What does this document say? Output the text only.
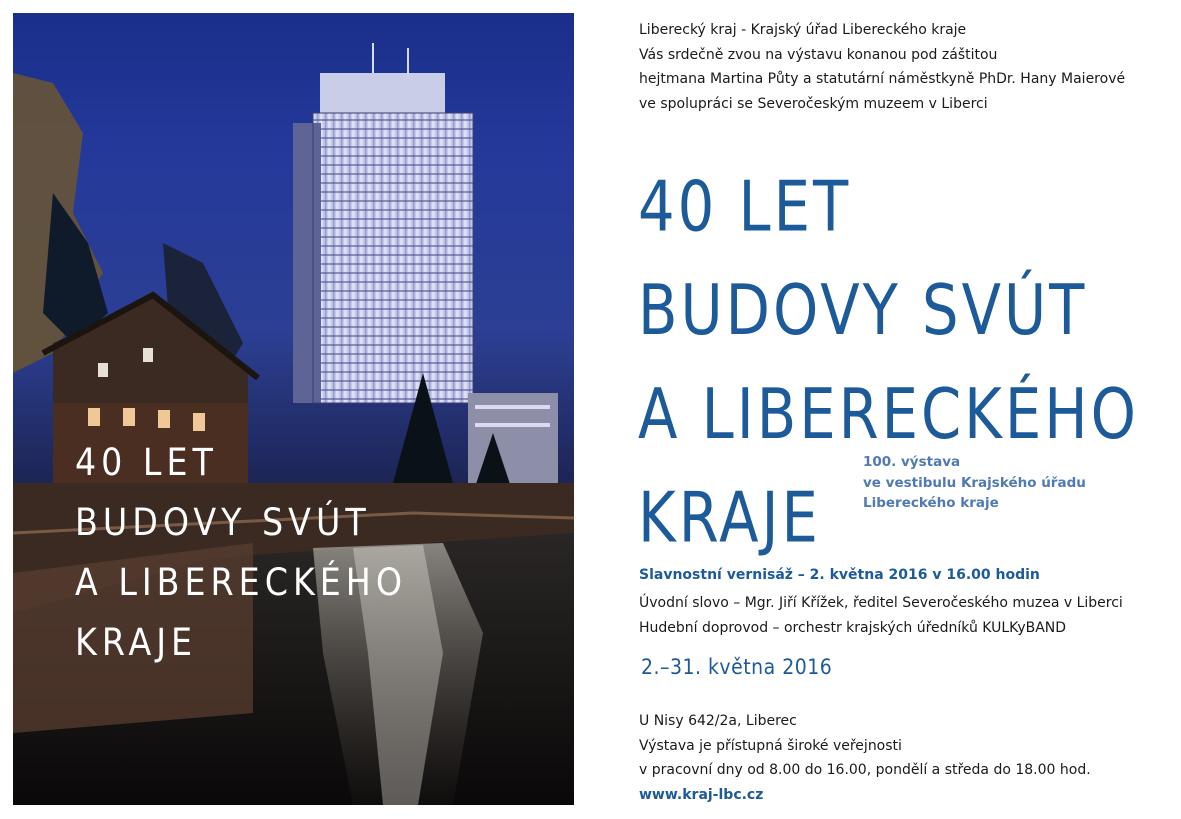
40 LET
BUDOVY SVÚT
A LIBERECKÉHO
KRAJE

Liberecký kraj - Krajský úřad Libereckého kraje

Vás srdečně zvou na výstavu konanou pod záštitou

hejtmana Martina Půty a statutární náměstkyně PhDr. Hany Maierové

ve spolupráci se Severočeským muzeem v Liberci

40 LET
BUDOVY SVÚT
A LIBERECKÉHO
KRAJE

100. výstava

ve vestibulu Krajského úřadu

Libereckého kraje

Slavnostní vernisáž – 2. května 2016 v 16.00 hodin

Úvodní slovo – Mgr. Jiří Křížek, ředitel Severočeského muzea v Liberci

Hudební doprovod – orchestr krajských úředníků KULKyBAND

2.–31. května 2016

U Nisy 642/2a, Liberec

Výstava je přístupná široké veřejnosti

v pracovní dny od 8.00 do 16.00, pondělí a středa do 18.00 hod.

www.kraj-lbc.cz
